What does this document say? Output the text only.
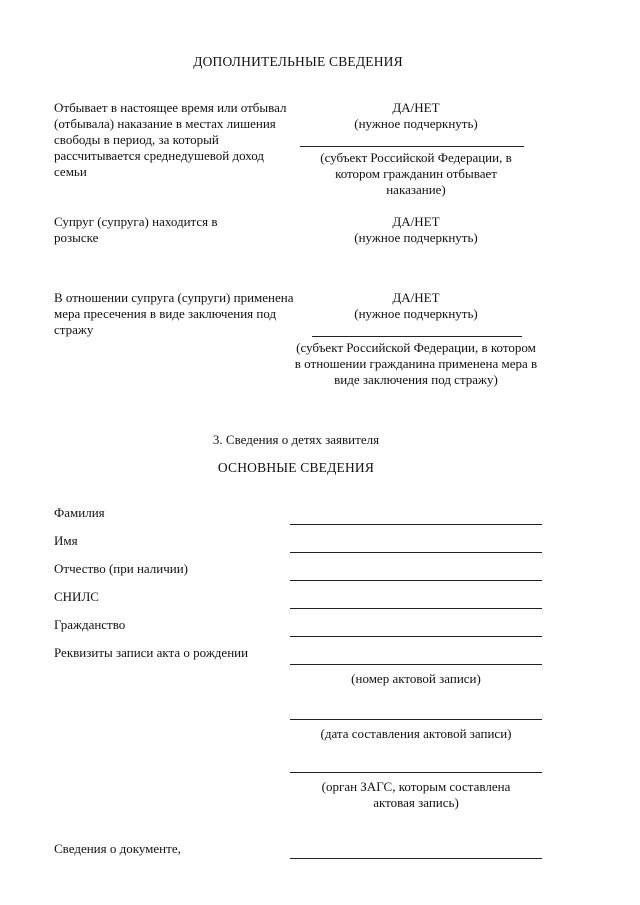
ДОПОЛНИТЕЛЬНЫЕ СВЕДЕНИЯ
Отбывает в настоящее время или отбывал (отбывала) наказание в местах лишения свободы в период, за который рассчитывается среднедушевой доход семьи
ДА/НЕТ
(нужное подчеркнуть)
(субъект Российской Федерации, в котором гражданин отбывает наказание)
Супруг (супруга) находится в розыске
ДА/НЕТ
(нужное подчеркнуть)
В отношении супруга (супруги) применена мера пресечения в виде заключения под стражу
ДА/НЕТ
(нужное подчеркнуть)
(субъект Российской Федерации, в котором в отношении гражданина применена мера в виде заключения под стражу)
3. Сведения о детях заявителя
ОСНОВНЫЕ СВЕДЕНИЯ
Фамилия
Имя
Отчество (при наличии)
СНИЛС
Гражданство
Реквизиты записи акта о рождении
(номер актовой записи)
(дата составления актовой записи)
(орган ЗАГС, которым составлена актовая запись)
Сведения о документе,
